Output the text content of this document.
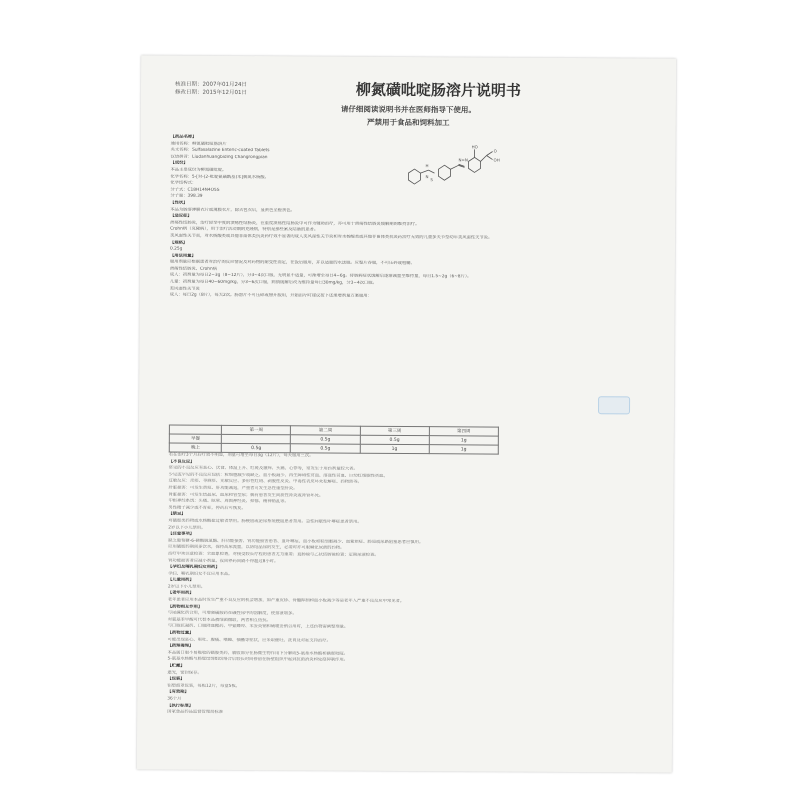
核准日期：2007年01月24日
修改日期：2015年12月01日	柳氮磺吡啶肠溶片说明书
请仔细阅读说明书并在医师指导下使用。
严禁用于食品和饲料加工
H
N
S
N=N
O
OH
HO
【药品名称】
通用名称：柳氮磺吡啶肠溶片
英文名称：Sulfasalazine Enteric-coated Tablets
汉语拼音：Liudanhuangbiding Changrongpian
【成份】
本品主要成份为柳氮磺吡啶。
化学名称：5-[对-(2-吡啶氨磺酰基)苯]偶氮水杨酸。
化学结构式：
分子式：C18H14N4O5S
分子量：398.39
【性状】
本品为肠溶薄膜衣片或薄膜衣片，除去包衣后，显黄色至橙黄色。
【适应症】
溃疡性结肠炎，治疗轻至中度的溃疡性结肠炎，在重度溃疡性结肠炎中可作为辅助治疗，亦可用于溃疡性结肠炎缓解期的维持治疗。
Crohn病（克隆病），用于治疗活动期的克隆病，特别是那些累及结肠的患者。
类风湿性关节炎，对水杨酸类或其他非甾体类抗炎药疗效不显著的成人类风湿性关节炎和对水杨酸类或其他非甾体类抗炎药治疗无效的儿童多关节型幼年类风湿性关节炎。
【规格】
0.25g
【用法用量】
服用剂量应根据患者对治疗的反应情况及对药物的耐受性而定，在饭后服用，并以适量的水送服。应整片吞服，不可压碎或咀嚼。
溃疡性结肠炎、Crohn病
成人：初剂量为每日2~3g（8~12片），分3~4次口服，无明显不适量，可渐增至每日4~6g。待肠病症状缓解后逐渐减量至维持量，每日1.5~2g（6~8片）。
儿童：初剂量为每日40~60mg/kg，分3~6次口服，病情缓解后改为维持量每日30mg/kg，分3~4次口服。
类风湿性关节炎
成人：每日2g（8片），每天2次。肠溶片不可压碎或掰开服用，开始治疗时建议按下述递增剂量方案服用：
	第一周	第二周	第三周	第四周
早餐		0.5g	0.5g	1g
晚上	0.5g	0.5g	1g	1g
若在治疗3个月后疗效不明显，剂量可增至每日3g（12片），每天服用三次。
【不良反应】
常见的不良反应有恶心、厌食、体温上升、红斑及瘙痒、头痛、心悸等，常发生于用药剂量较大者。
少见或罕见的不良反应包括：粒细胞减少或缺乏、血小板减少、再生障碍性贫血、溶血性贫血、巨幼红细胞性贫血。
过敏反应：皮疹、荨麻疹、光敏反应、多形性红斑、剥脱性皮炎、中毒性表皮坏死松解症、药物热等。
肝脏损害：可发生黄疸、肝功能减退，严重者可发生急性重型肝炎。
肾脏损害：可发生结晶尿、血尿和管型尿；偶有患者发生间质性肾炎或肾管坏死。
中枢神经系统：头痛、眩晕、周围神经炎、抑郁、精神错乱等。
男性精子减少或不育症，停药后可恢复。
【禁忌】
对磺胺类药物或水杨酸盐过敏者禁用。肠梗阻或泌尿系统梗阻患者禁用。急性间歇性卟啉症患者禁用。
2岁以下小儿禁用。
【注意事项】
缺乏葡萄糖-6-磷酸脱氢酶、肝功能损害、肾功能损害患者、血卟啉症、血小板和粒细胞减少、血紫质症、肠道或尿路阻塞患者应慎用。
应用磺胺药期间多饮水，保持高尿流量，以防结晶尿的发生，必要时亦可服碱化尿液的药物。
治疗中须注意检查：全血象检查，对接受较长疗程的患者尤为重要；直肠镜与乙状结肠镜检查；定期尿液检查。
肾功能损害者应减小剂量。夜间停药间隔不得超过8小时。
【孕妇及哺乳期妇女用药】
孕妇、哺乳期妇女不宜应用本品。
【儿童用药】
2岁以下小儿禁用。
【老年用药】
老年患者应用本品时发生严重不良反应的机会增加，如严重皮疹、骨髓抑制和血小板减少等是老年人严重不良反应中常见者。
【药物相互作用】
与尿碱化药合用，可增强磺胺药在碱性尿中的溶解度，使排泄增多。
对氨基苯甲酸可代替本品被细菌摄取，两者相互拮抗。
与口服抗凝药、口服降血糖药、甲氨蝶呤、苯妥英钠和硫喷妥钠合用时，上述药物需调整剂量。
【药物过量】
可能出现恶心、呕吐、腹痛、嗜睡、抽搐等症状，应采取催吐、洗胃及对症支持治疗。
【药理毒理】
本品属口服不易吸收的磺胺类药，吸收部分在肠微生物作用下分解成5-氨基水杨酸和磺胺吡啶。
5-氨基水杨酸与肠壁结缔组织络合后较长时间停留在肠壁组织中起到抗菌消炎和免疫抑制作用。
【贮藏】
遮光，密封保存。
【包装】
铝塑泡罩包装，每板12片，每盒5板。
【有效期】
36个月
【执行标准】
国家食品药品监督管理局标准
